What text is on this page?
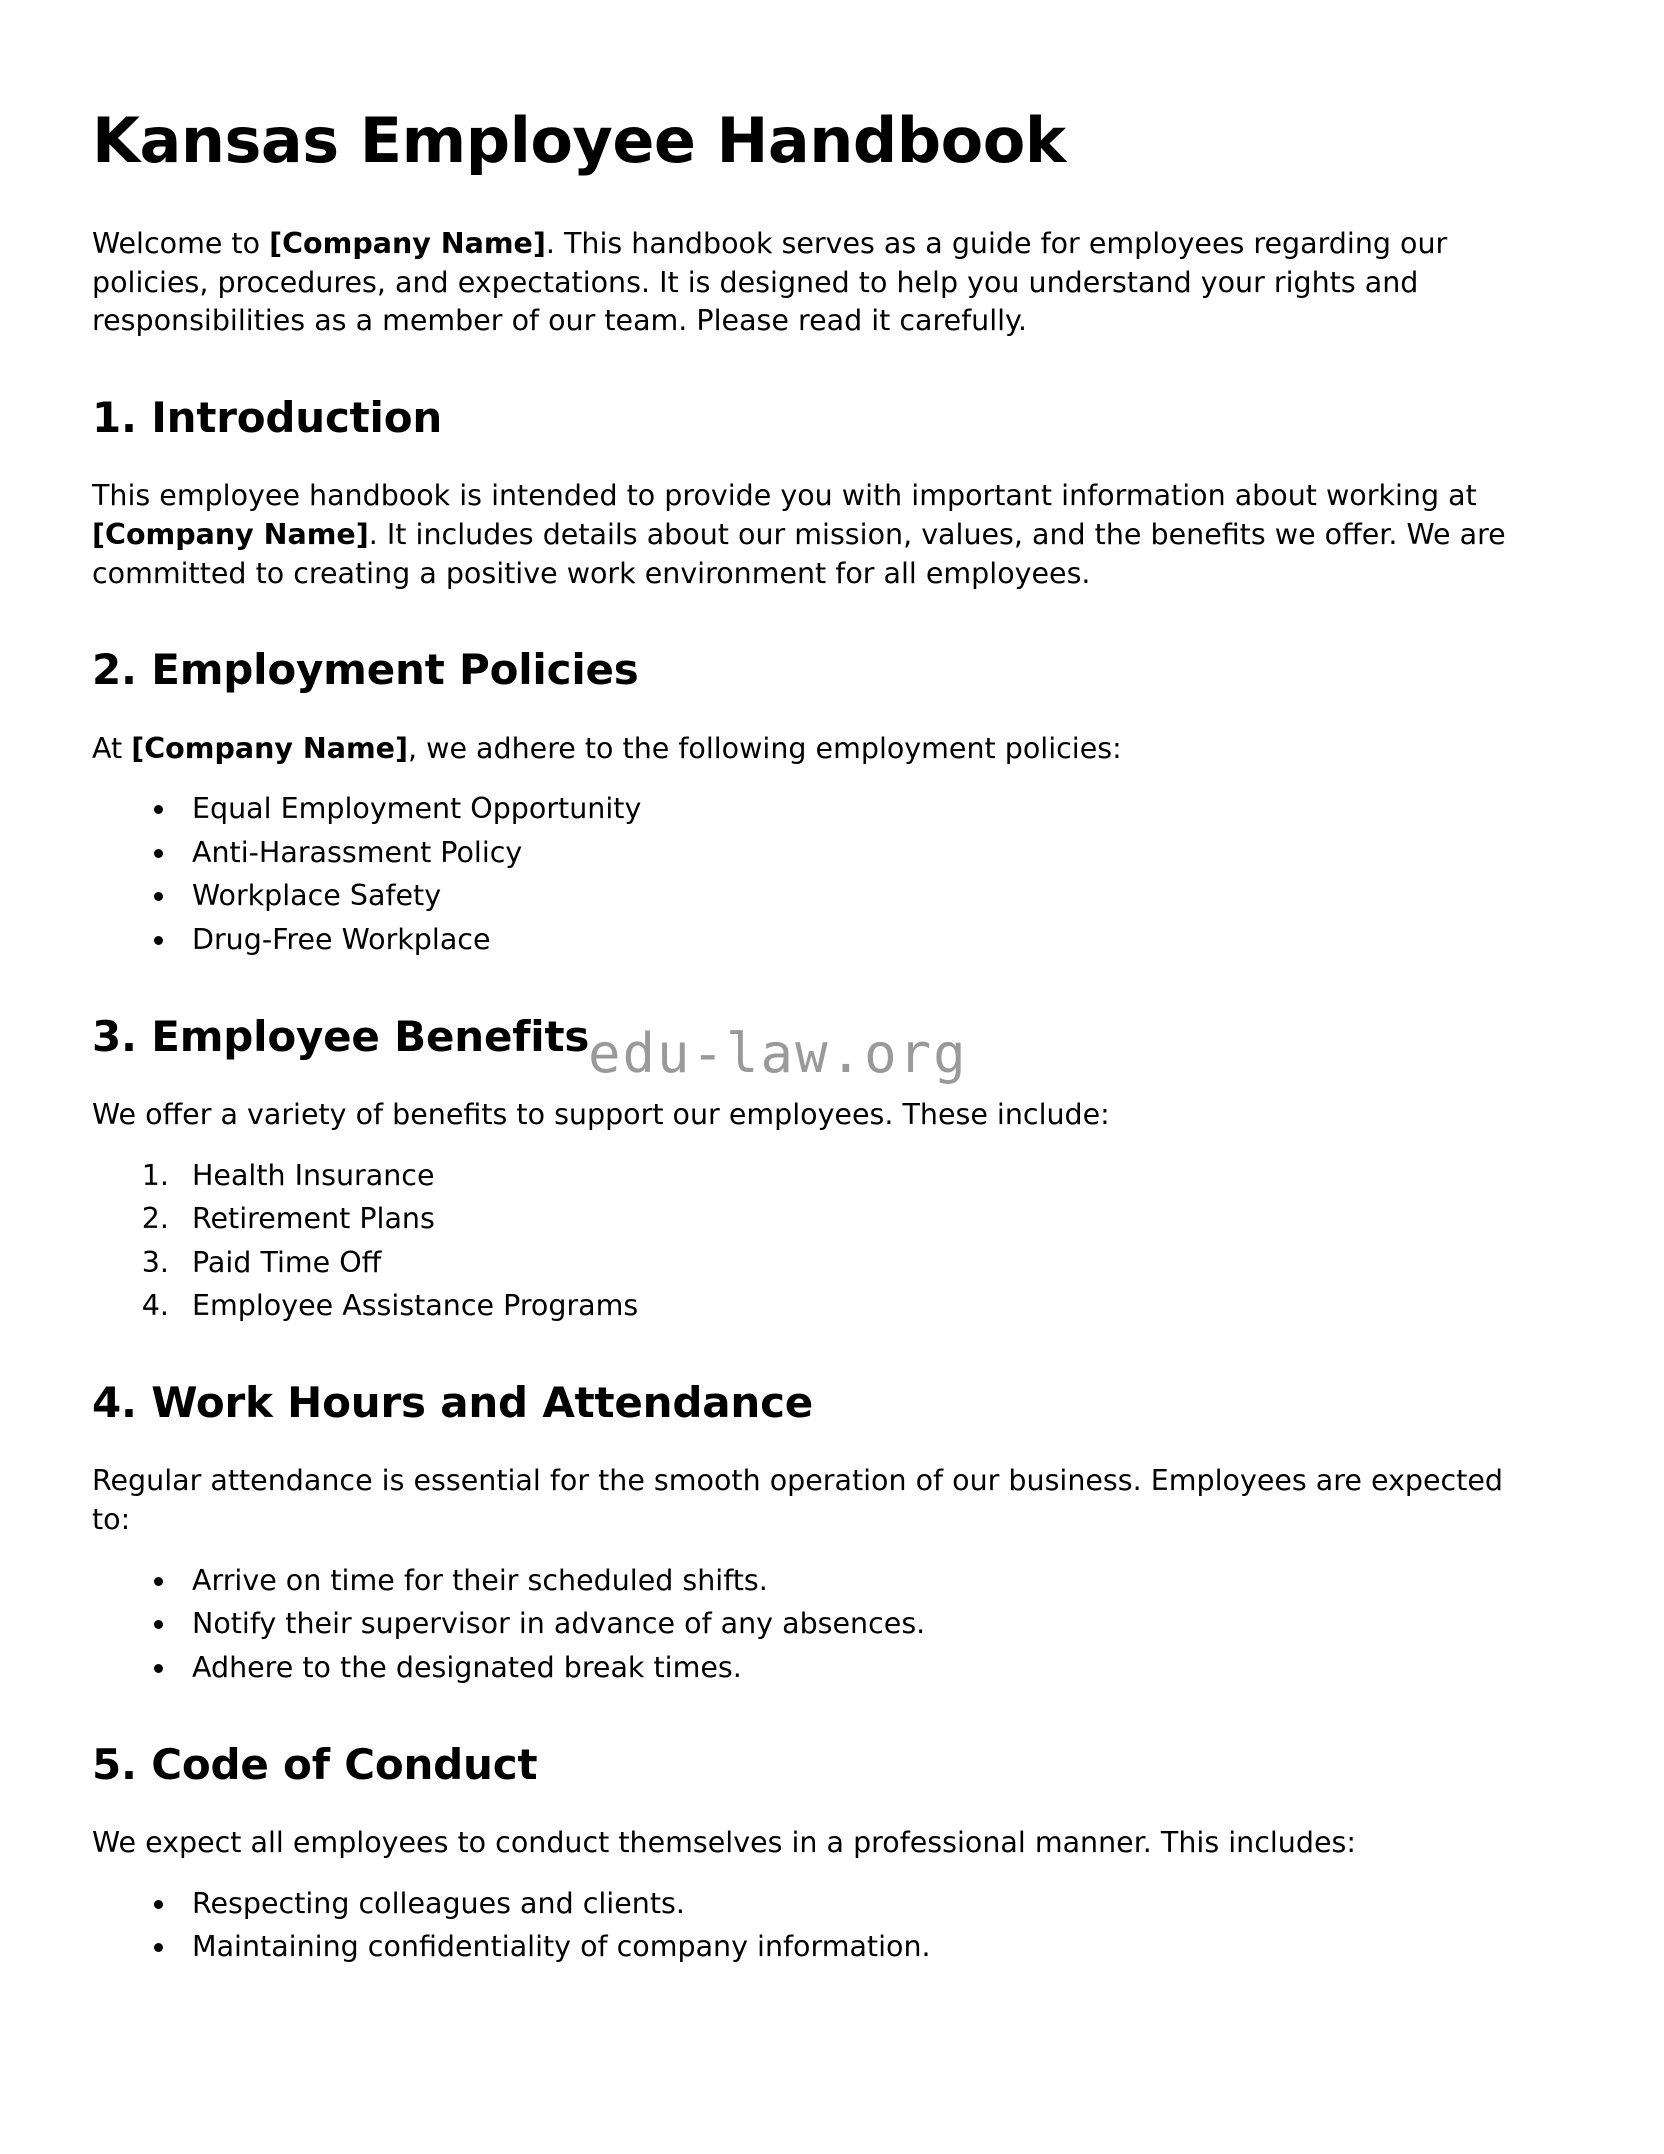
edu-law.org
Kansas Employee Handbook

Welcome to [Company Name]. This handbook serves as a guide for employees regarding our policies, procedures, and expectations. It is designed to help you understand your rights and responsibilities as a member of our team. Please read it carefully.

1. Introduction

This employee handbook is intended to provide you with important information about working at [Company Name]. It includes details about our mission, values, and the benefits we offer. We are committed to creating a positive work environment for all employees.

2. Employment Policies

At [Company Name], we adhere to the following employment policies:

• Equal Employment Opportunity
• Anti-Harassment Policy
• Workplace Safety
• Drug-Free Workplace
3. Employee Benefits

We offer a variety of benefits to support our employees. These include:

1. Health Insurance
2. Retirement Plans
3. Paid Time Off
4. Employee Assistance Programs
4. Work Hours and Attendance

Regular attendance is essential for the smooth operation of our business. Employees are expected to:

• Arrive on time for their scheduled shifts.
• Notify their supervisor in advance of any absences.
• Adhere to the designated break times.
5. Code of Conduct

We expect all employees to conduct themselves in a professional manner. This includes:

• Respecting colleagues and clients.
• Maintaining confidentiality of company information.
